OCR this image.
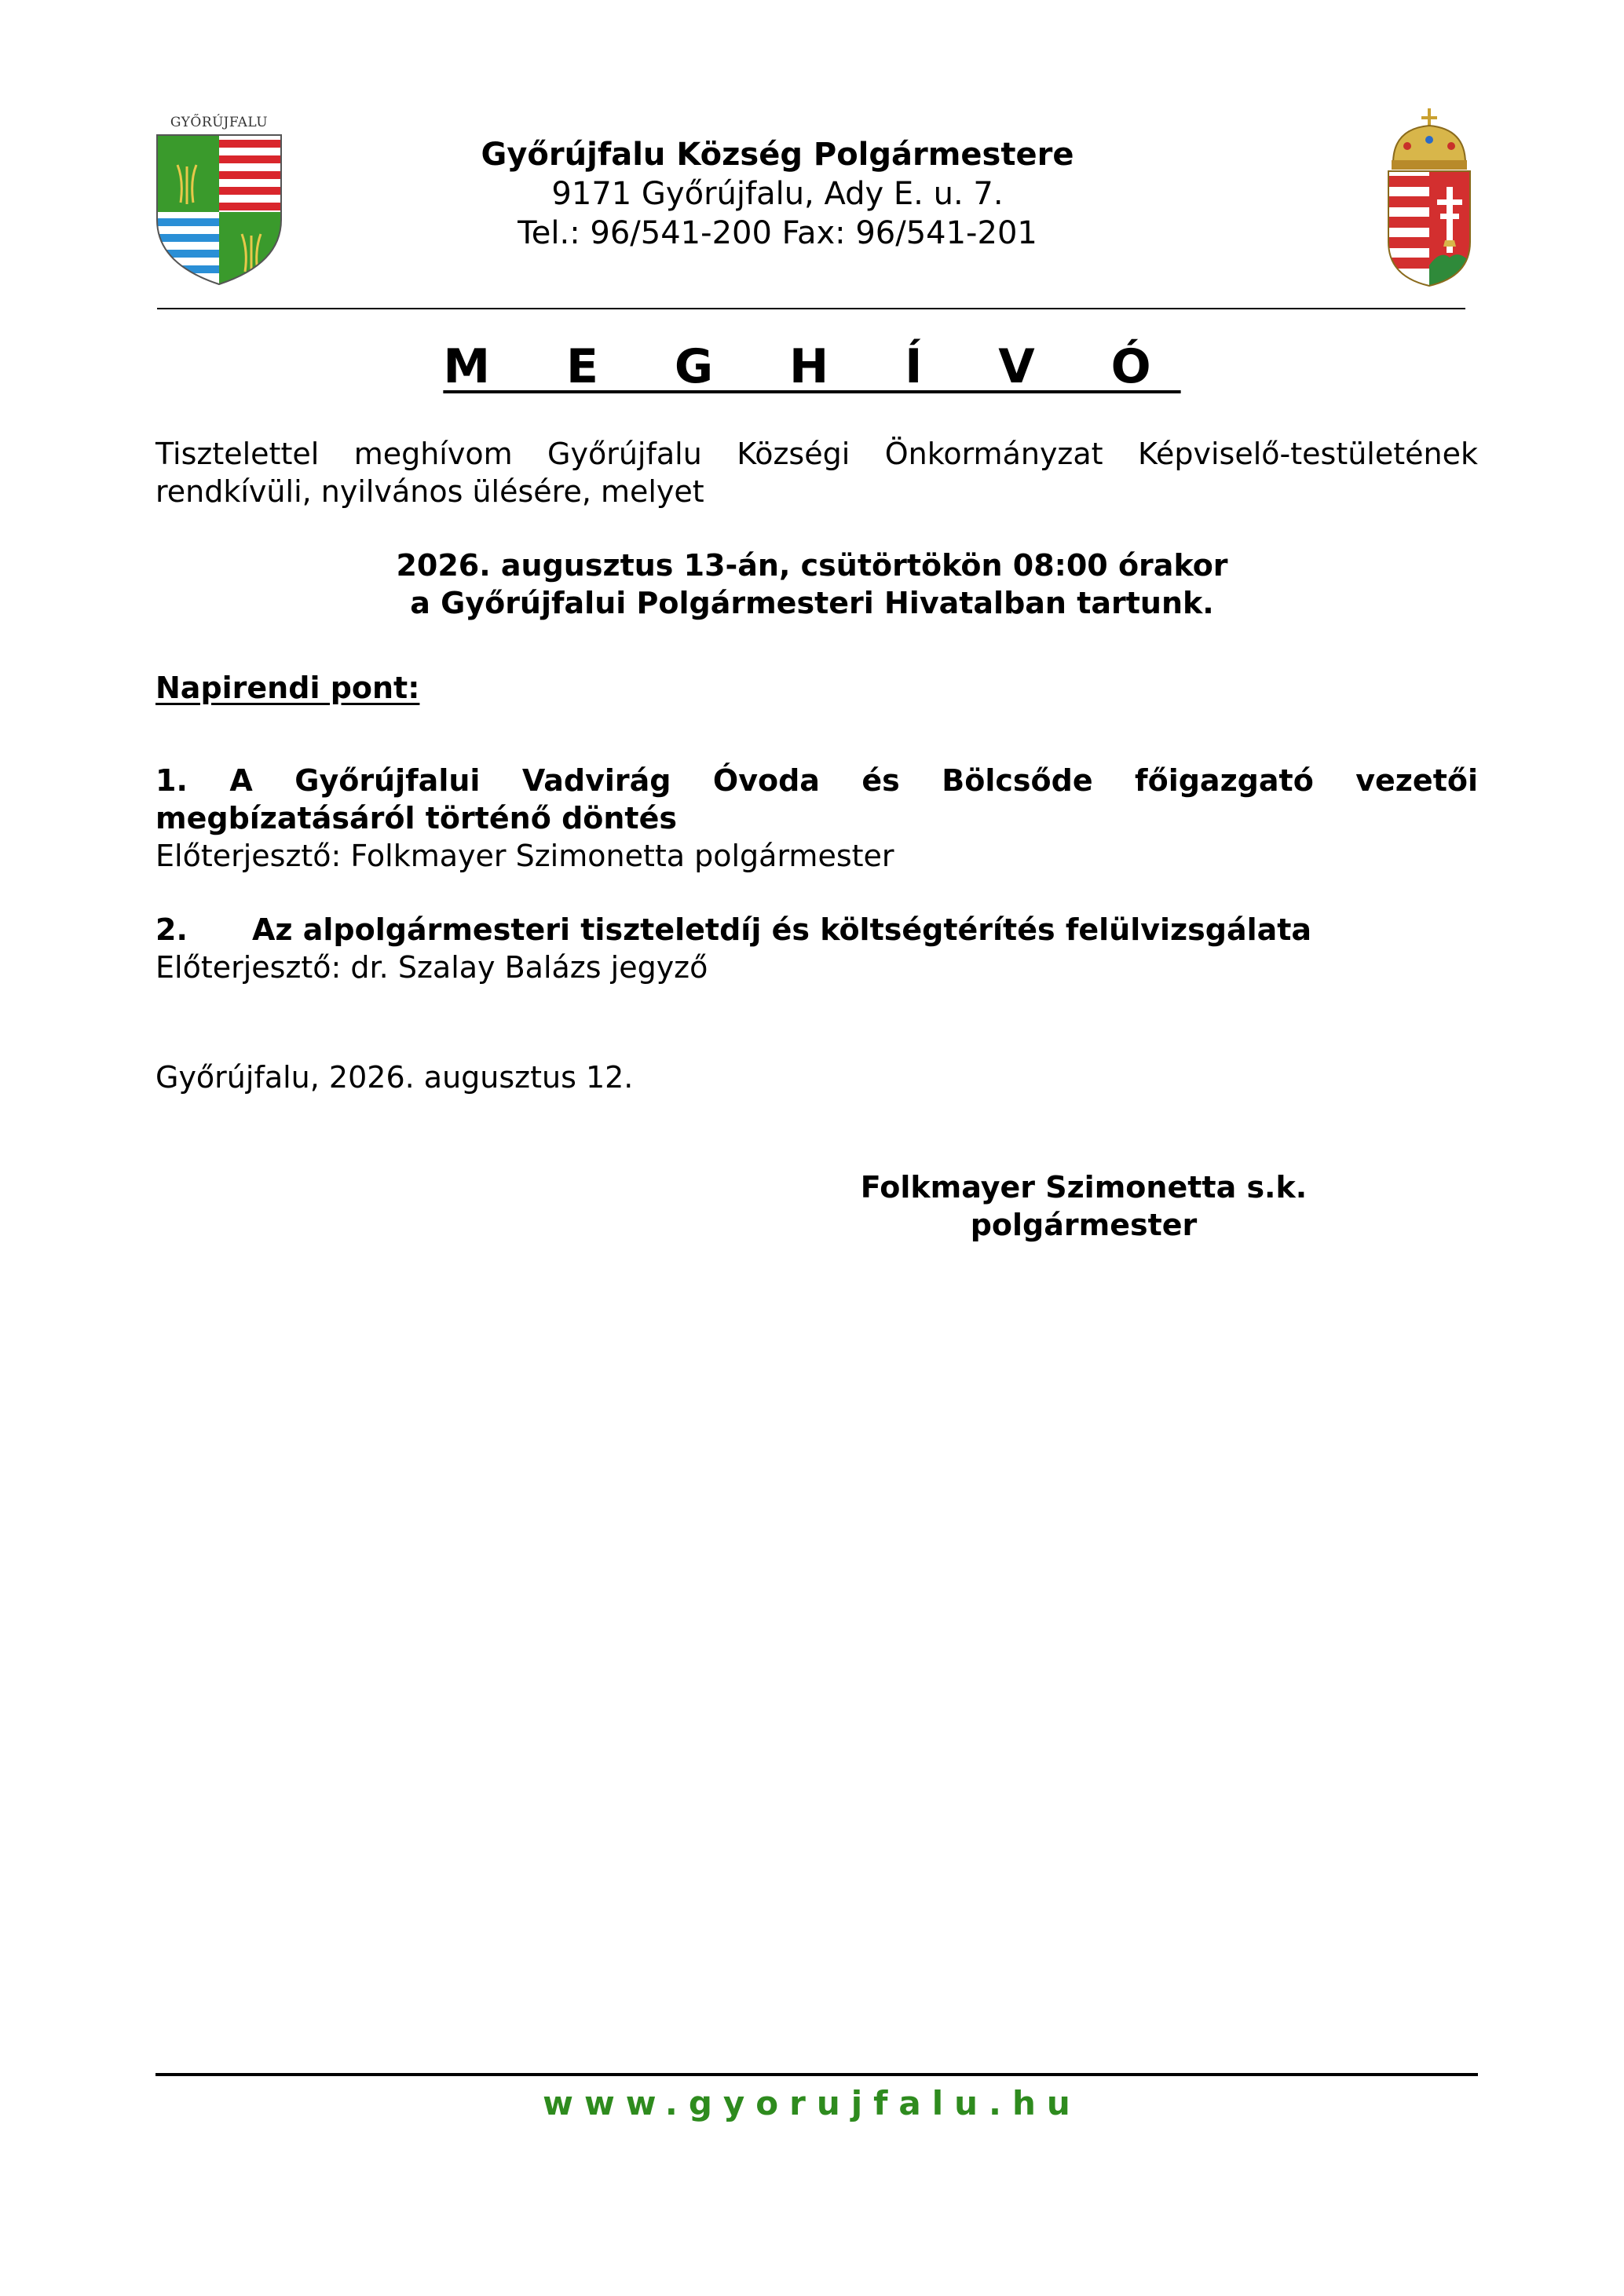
GYŐRÚJFALU
Győrújfalu Község Polgármestere
9171 Győrújfalu, Ady E. u. 7.
Tel.: 96/541-200 Fax: 96/541-201
M E G H Í V Ó
Tisztelettel meghívom Győrújfalu Községi Önkormányzat Képviselő-testületének
rendkívüli, nyilvános ülésére, melyet
2026. augusztus 13-án, csütörtökön 08:00 órakor
a Győrújfalui Polgármesteri Hivatalban tartunk.
Napirendi pont:
1. A Győrújfalui Vadvirág Óvoda és Bölcsőde főigazgató vezetői
megbízatásáról történő döntés
Előterjesztő: Folkmayer Szimonetta polgármester
2. Az alpolgármesteri tiszteletdíj és költségtérítés felülvizsgálata
Előterjesztő: dr. Szalay Balázs jegyző
Győrújfalu, 2026. augusztus 12.
Folkmayer Szimonetta s.k.
polgármester
www.gyorujfalu.hu
